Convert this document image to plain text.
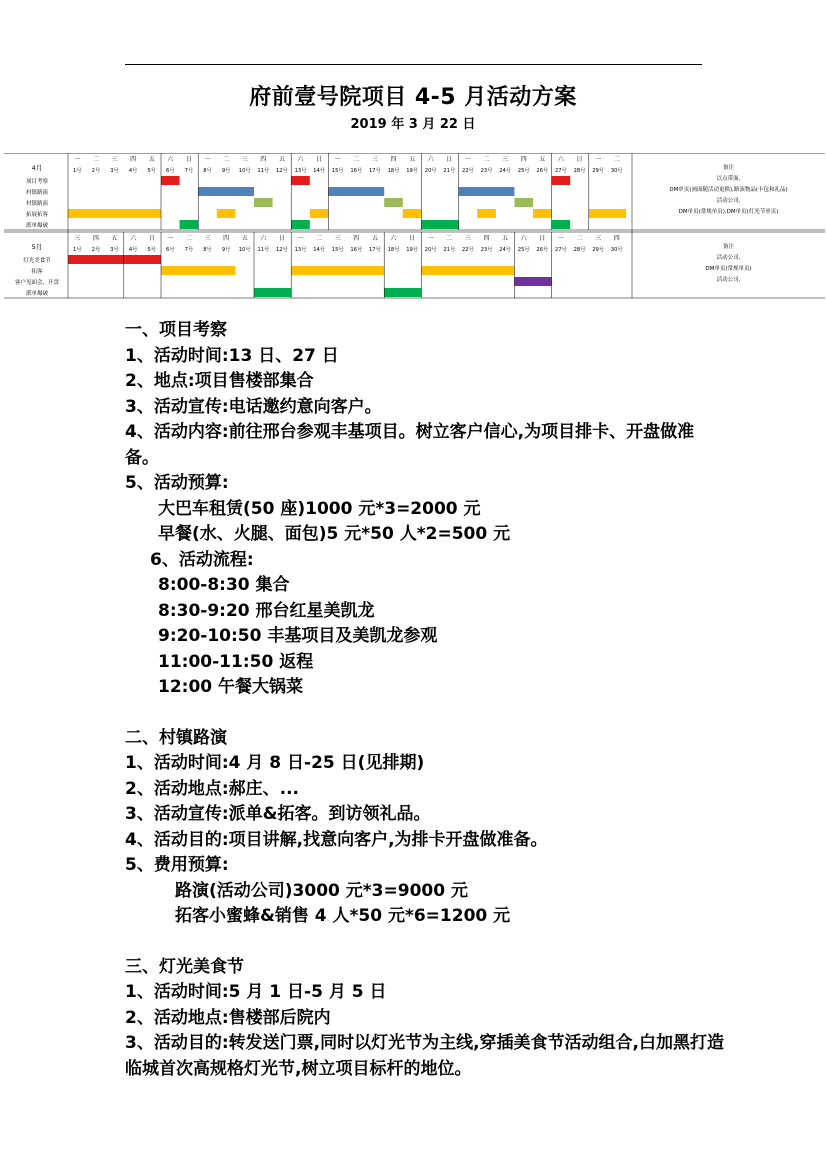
府前壹号院项目 4-5 月活动方案
2019 年 3 月 22 日
4月
一
1号
二
2号
三
3号
四
4号
五
5号
六
6号
日
7号
一
8号
二
9号
三
10号
四
11号
五
12号
六
13号
日
14号
一
15号
二
16号
三
17号
四
18号
五
19号
六
20号
日
21号
一
22号
二
23号
三
24号
四
25号
五
26号
六
27号
日
28号
一
29号
二
30号
项目考察
村镇路演
村镇路演
拓展拓客
派单爆破
备注
以点带面,
DM单页(画面随活动更换),路演物品(卡包和礼品)
活动公司,
DM单页(常规单页),DM单页(灯光节单页)
5月
三
1号
四
2号
五
3号
六
4号
日
5号
一
6号
二
7号
三
8号
四
9号
五
10号
六
11号
日
12号
一
13号
二
14号
三
15号
四
16号
五
17号
六
18号
日
19号
一
20号
二
21号
三
22号
四
23号
五
24号
六
25号
日
26号
一
27号
二
28号
三
29号
四
30号
灯光美食节
拓客
客户见面会、开盘
派单爆破
备注
活动公司,
DM单页(常规单页)
活动公司,

一、项目考察

1、活动时间:13 日、27 日

2、地点:项目售楼部集合

3、活动宣传:电话邀约意向客户。

4、活动内容:前往邢台参观丰基项目。树立客户信心,为项目排卡、开盘做准备。

5、活动预算:

大巴车租赁(50 座)1000 元*3=2000 元

早餐(水、火腿、面包)5 元*50 人*2=500 元

6、活动流程:

8:00-8:30 集合

8:30-9:20 邢台红星美凯龙

9:20-10:50 丰基项目及美凯龙参观

11:00-11:50 返程

12:00 午餐大锅菜

二、村镇路演

1、活动时间:4 月 8 日-25 日(见排期)

2、活动地点:郝庄、...

3、活动宣传:派单&拓客。到访领礼品。

4、活动目的:项目讲解,找意向客户,为排卡开盘做准备。

5、费用预算:

路演(活动公司)3000 元*3=9000 元

拓客小蜜蜂&销售 4 人*50 元*6=1200 元

三、灯光美食节

1、活动时间:5 月 1 日-5 月 5 日

2、活动地点:售楼部后院内

3、活动目的:转发送门票,同时以灯光节为主线,穿插美食节活动组合,白加黑打造临城首次高规格灯光节,树立项目标杆的地位。
